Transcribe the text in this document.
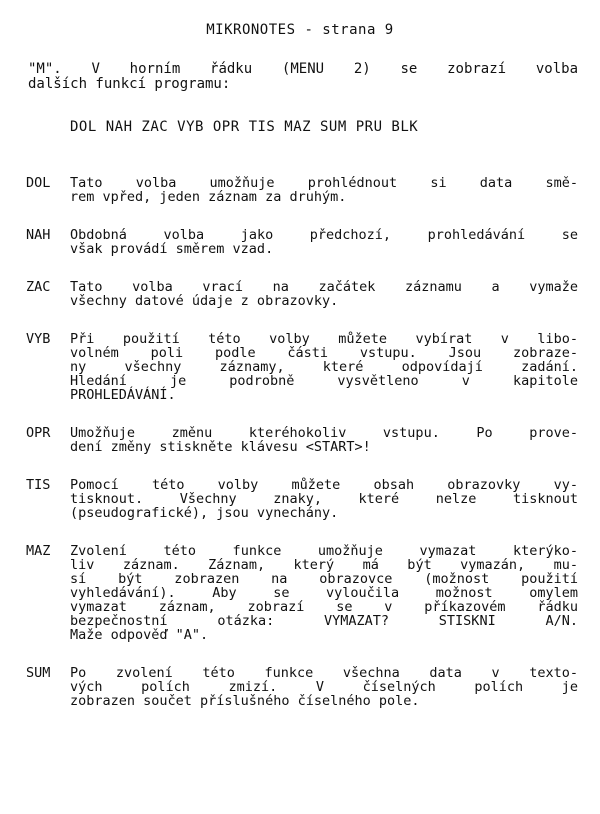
MIKRONOTES - strana 9
"M". V horním řádku (MENU 2) se zobrazí volba
dalších funkcí programu:
DOL NAH ZAC VYB OPR TIS MAZ SUM PRU BLK
DOL	Tato volba umožňuje prohlédnout si data smě-
rem vpřed, jeden záznam za druhým.
NAH	Obdobná volba jako předchozí, prohledávání se
však provádí směrem vzad.
ZAC	Tato volba vrací na začátek záznamu a vymaže
všechny datové údaje z obrazovky.
VYB	Při použití této volby můžete vybírat v libo-
volném poli podle části vstupu. Jsou zobraze-
ny všechny záznamy, které odpovídají zadání.
Hledání je podrobně vysvětleno v kapitole
PROHLEDÁVÁNÍ.
OPR	Umožňuje změnu kteréhokoliv vstupu. Po prove-
dení změny stiskněte klávesu <START>!
TIS	Pomocí této volby můžete obsah obrazovky vy-
tisknout. Všechny znaky, které nelze tisknout
(pseudografické), jsou vynechány.
MAZ	Zvolení této funkce umožňuje vymazat kterýko-
liv záznam. Záznam, který má být vymazán, mu-
sí být zobrazen na obrazovce (možnost použití
vyhledávání). Aby se vyloučila možnost omylem
vymazat záznam, zobrazí se v příkazovém řádku
bezpečnostní otázka: VYMAZAT? STISKNI A/N.
Maže odpověď "A".
SUM	Po zvolení této funkce všechna data v texto-
vých polích zmizí. V číselných polích je
zobrazen součet příslušného číselného pole.
